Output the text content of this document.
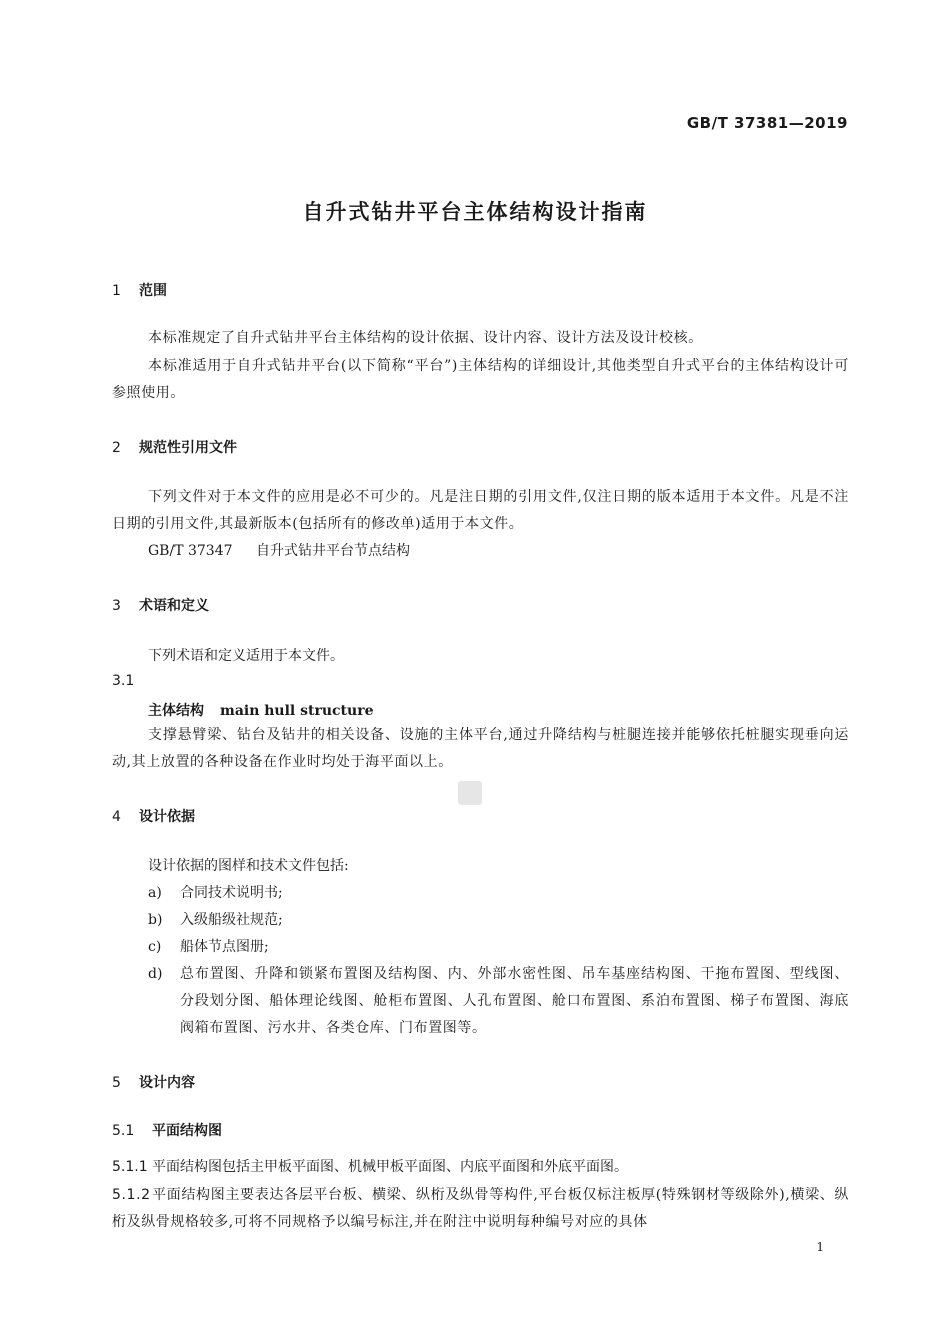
GB/T 37381—2019
自升式钻井平台主体结构设计指南
1 范围
本标准规定了自升式钻井平台主体结构的设计依据、设计内容、设计方法及设计校核。
本标准适用于自升式钻井平台(以下简称“平台”)主体结构的详细设计,其他类型自升式平台的主体结构设计可参照使用。
2 规范性引用文件
下列文件对于本文件的应用是必不可少的。凡是注日期的引用文件,仅注日期的版本适用于本文件。凡是不注日期的引用文件,其最新版本(包括所有的修改单)适用于本文件。
GB/T 37347 自升式钻井平台节点结构
3 术语和定义
下列术语和定义适用于本文件。
3.1
主体结构 main hull structure
支撑悬臂梁、钻台及钻井的相关设备、设施的主体平台,通过升降结构与桩腿连接并能够依托桩腿实现垂向运动,其上放置的各种设备在作业时均处于海平面以上。
4 设计依据
设计依据的图样和技术文件包括:
a) 合同技术说明书;
b) 入级船级社规范;
c) 船体节点图册;
d)	总布置图、升降和锁紧布置图及结构图、内、外部水密性图、吊车基座结构图、干拖布置图、型线图、分段划分图、船体理论线图、舱柜布置图、人孔布置图、舱口布置图、系泊布置图、梯子布置图、海底阀箱布置图、污水井、各类仓库、门布置图等。
5 设计内容
5.1 平面结构图
5.1.1 平面结构图包括主甲板平面图、机械甲板平面图、内底平面图和外底平面图。
5.1.2平面结构图主要表达各层平台板、横梁、纵桁及纵骨等构件,平台板仅标注板厚(特殊钢材等级除外),横梁、纵桁及纵骨规格较多,可将不同规格予以编号标注,并在附注中说明每种编号对应的具体
1
